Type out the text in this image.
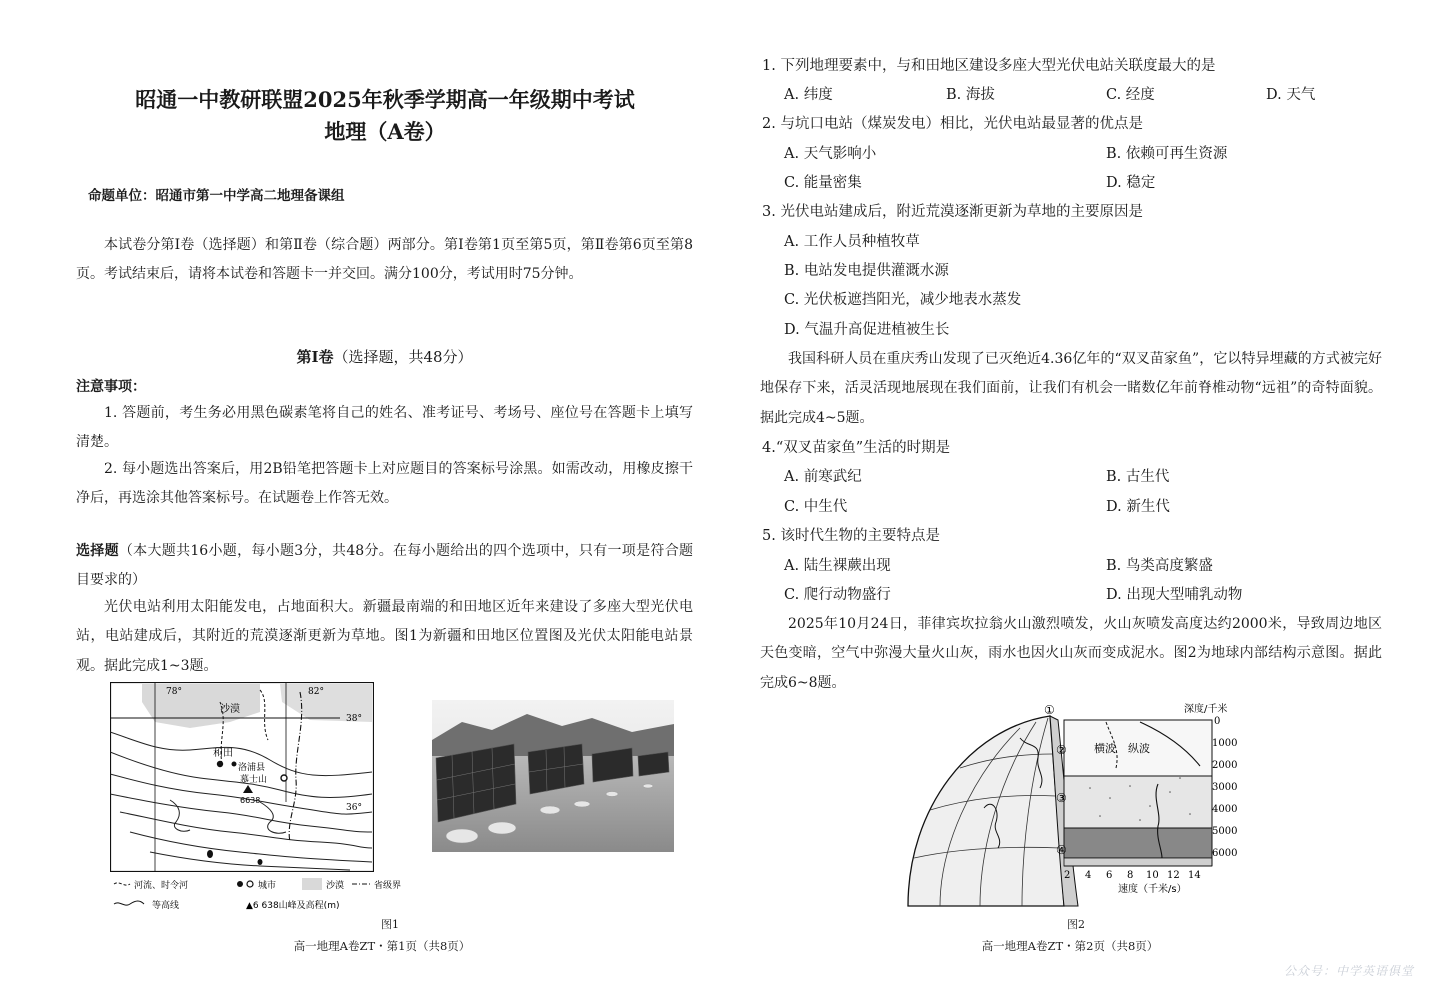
昭通一中教研联盟2025年秋季学期高一年级期中考试
地理（A卷）
命题单位：昭通市第一中学高二地理备课组
本试卷分第Ⅰ卷（选择题）和第Ⅱ卷（综合题）两部分。第Ⅰ卷第1页至第5页，第Ⅱ卷第6页至第8页。考试结束后，请将本试卷和答题卡一并交回。满分100分，考试用时75分钟。
第Ⅰ卷（选择题，共48分）
注意事项：
1. 答题前，考生务必用黑色碳素笔将自己的姓名、准考证号、考场号、座位号在答题卡上填写清楚。
2. 每小题选出答案后，用2B铅笔把答题卡上对应题目的答案标号涂黑。如需改动，用橡皮擦干净后，再选涂其他答案标号。在试题卷上作答无效。
选择题（本大题共16小题，每小题3分，共48分。在每小题给出的四个选项中，只有一项是符合题目要求的）
光伏电站利用太阳能发电，占地面积大。新疆最南端的和田地区近年来建设了多座大型光伏电站，电站建成后，其附近的荒漠逐渐更新为草地。图1为新疆和田地区位置图及光伏太阳能电站景观。据此完成1~3题。
78°	82°
38°
36°
沙漠
和田
洛浦县
慕士山
6638
河流、时令河	城市	沙漠	省级界
等高线	▲6 638山峰及高程(m)
图1
高一地理A卷ZT・第1页（共8页）
1. 下列地理要素中，与和田地区建设多座大型光伏电站关联度最大的是
A. 纬度	B. 海拔	C. 经度	D. 天气
2. 与坑口电站（煤炭发电）相比，光伏电站最显著的优点是
A. 天气影响小	B. 依赖可再生资源
C. 能量密集	D. 稳定
3. 光伏电站建成后，附近荒漠逐渐更新为草地的主要原因是
A. 工作人员种植牧草
B. 电站发电提供灌溉水源
C. 光伏板遮挡阳光，减少地表水蒸发
D. 气温升高促进植被生长
我国科研人员在重庆秀山发现了已灭绝近4.36亿年的“双叉苗家鱼”，它以特异埋藏的方式被完好地保存下来，活灵活现地展现在我们面前，让我们有机会一睹数亿年前脊椎动物“远祖”的奇特面貌。据此完成4~5题。
4.“双叉苗家鱼”生活的时期是
A. 前寒武纪	B. 古生代
C. 中生代	D. 新生代
5. 该时代生物的主要特点是
A. 陆生裸蕨出现	B. 鸟类高度繁盛
C. 爬行动物盛行	D. 出现大型哺乳动物
2025年10月24日，菲律宾坎拉翁火山激烈喷发，火山灰喷发高度达约2000米，导致周边地区天色变暗，空气中弥漫大量火山灰，雨水也因火山灰而变成泥水。图2为地球内部结构示意图。据此完成6~8题。
0
1000
2000
3000
4000
5000
6000
深度/千米
2 4 6 8 10 12 14
速度（千米/s）
横波 纵波
①
②
③
④
图2
高一地理A卷ZT・第2页（共8页）
公众号：中学英语俱堂
